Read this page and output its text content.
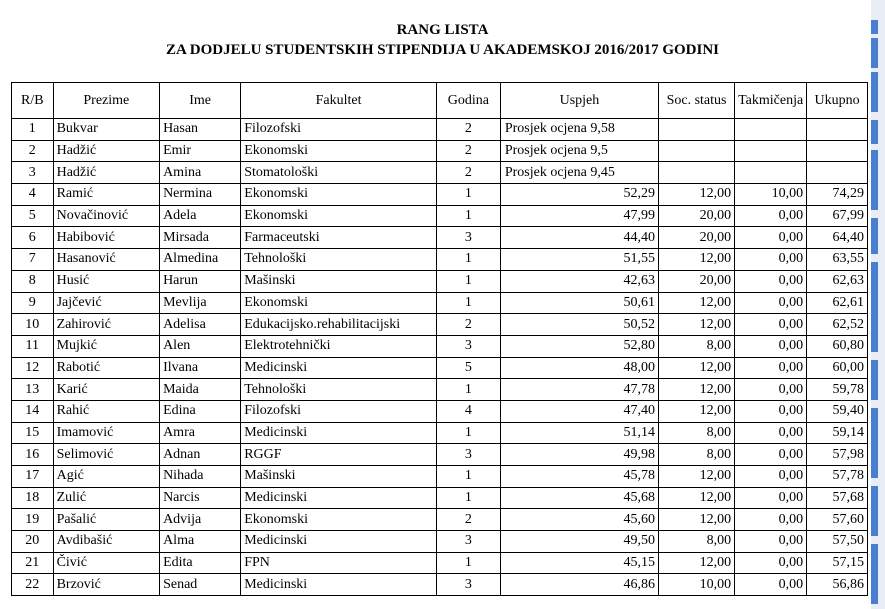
RANG LISTA
ZA DODJELU STUDENTSKIH STIPENDIJA U AKADEMSKOJ 2016/2017 GODINI
R/B	Prezime	Ime	Fakultet	Godina	Uspjeh	Soc. status	Takmičenja	Ukupno
1	Bukvar	Hasan	Filozofski	2	Prosjek ocjena 9,58			
2	Hadžić	Emir	Ekonomski	2	Prosjek ocjena 9,5			
3	Hadžić	Amina	Stomatološki	2	Prosjek ocjena 9,45			
4	Ramić	Nermina	Ekonomski	1	52,29	12,00	10,00	74,29
5	Novačinović	Adela	Ekonomski	1	47,99	20,00	0,00	67,99
6	Habibović	Mirsada	Farmaceutski	3	44,40	20,00	0,00	64,40
7	Hasanović	Almedina	Tehnološki	1	51,55	12,00	0,00	63,55
8	Husić	Harun	Mašinski	1	42,63	20,00	0,00	62,63
9	Jajčević	Mevlija	Ekonomski	1	50,61	12,00	0,00	62,61
10	Zahirović	Adelisa	Edukacijsko.rehabilitacijski	2	50,52	12,00	0,00	62,52
11	Mujkić	Alen	Elektrotehnički	3	52,80	8,00	0,00	60,80
12	Rabotić	Ilvana	Medicinski	5	48,00	12,00	0,00	60,00
13	Karić	Maida	Tehnološki	1	47,78	12,00	0,00	59,78
14	Rahić	Edina	Filozofski	4	47,40	12,00	0,00	59,40
15	Imamović	Amra	Medicinski	1	51,14	8,00	0,00	59,14
16	Selimović	Adnan	RGGF	3	49,98	8,00	0,00	57,98
17	Agić	Nihada	Mašinski	1	45,78	12,00	0,00	57,78
18	Zulić	Narcis	Medicinski	1	45,68	12,00	0,00	57,68
19	Pašalić	Advija	Ekonomski	2	45,60	12,00	0,00	57,60
20	Avdibašić	Alma	Medicinski	3	49,50	8,00	0,00	57,50
21	Čivić	Edita	FPN	1	45,15	12,00	0,00	57,15
22	Brzović	Senad	Medicinski	3	46,86	10,00	0,00	56,86
